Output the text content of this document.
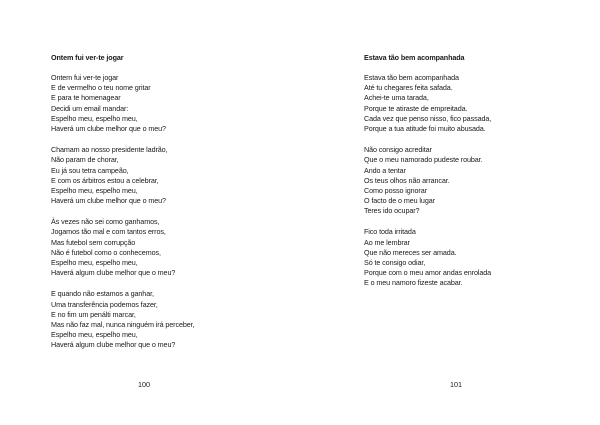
Ontem fui ver-te jogar
Ontem fui ver-te jogar
E de vermelho o teu nome gritar
E para te homenagear
Decidi um email mandar:
Espelho meu, espelho meu,
Haverá um clube melhor que o meu?
Chamam ao nosso presidente ladrão,
Não param de chorar,
Eu já sou tetra campeão,
E com os árbitros estou a celebrar,
Espelho meu, espelho meu,
Haverá um clube melhor que o meu?
Às vezes não sei como ganhamos,
Jogamos tão mal e com tantos erros,
Mas futebol sem corrupção
Não é futebol como o conhecemos,
Espelho meu, espelho meu,
Haverá algum clube melhor que o meu?
E quando não estamos a ganhar,
Uma transferência podemos fazer,
E no fim um penálti marcar,
Mas não faz mal, nunca ninguém irá perceber,
Espelho meu, espelho meu,
Haverá algum clube melhor que o meu?
100
Estava tão bem acompanhada
Estava tão bem acompanhada
Até tu chegares feita safada.
Achei-te uma tarada,
Porque te atiraste de empreitada.
Cada vez que penso nisso, fico passada,
Porque a tua atitude foi muito abusada.
Não consigo acreditar
Que o meu namorado pudeste roubar.
Ando a tentar
Os teus olhos não arrancar.
Como posso ignorar
O facto de o meu lugar
Teres ido ocupar?
Fico toda irritada
Ao me lembrar
Que não mereces ser amada.
Só te consigo odiar,
Porque com o meu amor andas enrolada
E o meu namoro fizeste acabar.
101
